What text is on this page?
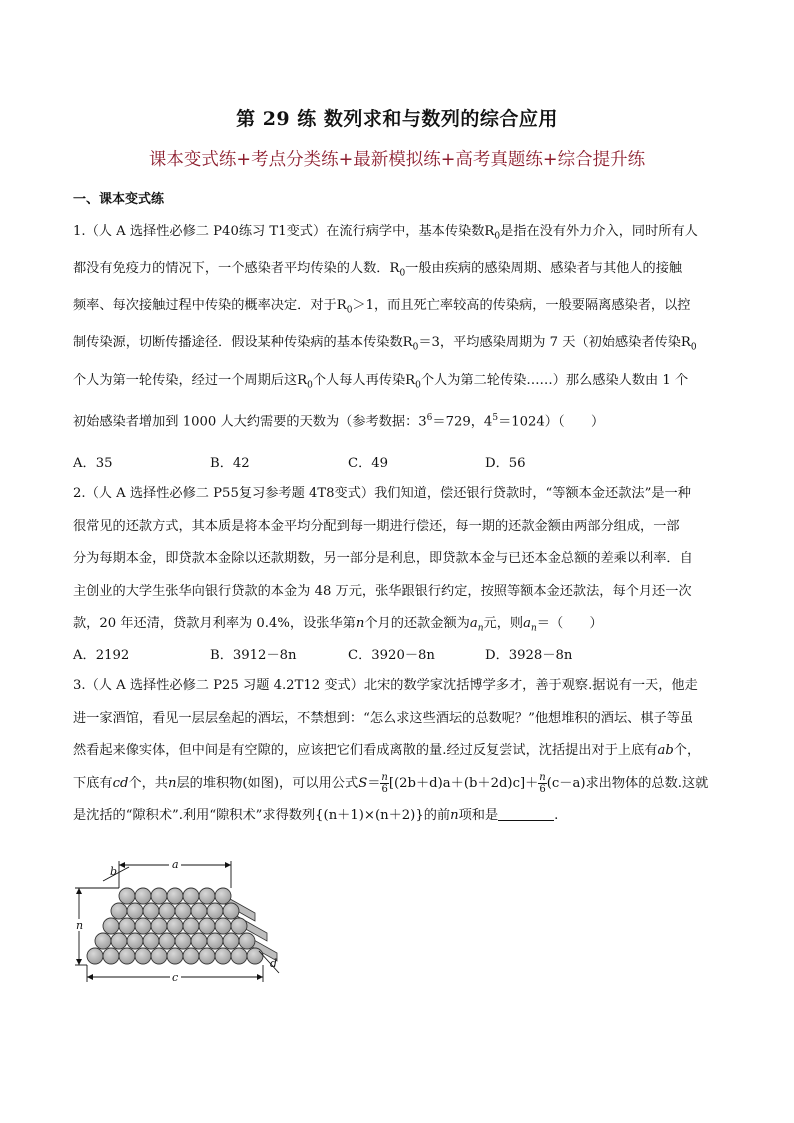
第 29 练 数列求和与数列的综合应用
课本变式练+考点分类练+最新模拟练+高考真题练+综合提升练
一、课本变式练

1.（人 A 选择性必修二 P40练习 T1变式）在流行病学中，基本传染数$R_0$是指在没有外力介入，同时所有人

都没有免疫力的情况下，一个感染者平均传染的人数．$R_0$一般由疾病的感染周期、感染者与其他人的接触

频率、每次接触过程中传染的概率决定．对于$R_0>1$，而且死亡率较高的传染病，一般要隔离感染者，以控

制传染源，切断传播途径．假设某种传染病的基本传染数$R_0=3$，平均感染周期为 7 天（初始感染者传染$R_0$

个人为第一轮传染，经过一个周期后这$R_0$个人每人再传染$R_0$个人为第二轮传染……）那么感染人数由 1 个

初始感染者增加到 1000 人大约需要的天数为（参考数据：$3^6=729$，$4^5=1024$）（　　）

A．35	B．42	C．49	D．56

2.（人 A 选择性必修二 P55复习参考题 4T8变式）我们知道，偿还银行贷款时，“等额本金还款法”是一种

很常见的还款方式，其本质是将本金平均分配到每一期进行偿还，每一期的还款金额由两部分组成，一部

分为每期本金，即贷款本金除以还款期数，另一部分是利息，即贷款本金与已还本金总额的差乘以利率．自

主创业的大学生张华向银行贷款的本金为 48 万元，张华跟银行约定，按照等额本金还款法，每个月还一次

款，20 年还清，贷款月利率为 0.4%，设张华第n个月的还款金额为$a_n$元，则$a_n=$（　　）

A．2192	B．3912－8n	C．3920－8n	D．3928－8n

3.（人 A 选择性必修二 P25 习题 4.2T12 变式）北宋的数学家沈括博学多才，善于观察.据说有一天，他走

进一家酒馆，看见一层层垒起的酒坛，不禁想到：“怎么求这些酒坛的总数呢？”他想堆积的酒坛、棋子等虽

然看起来像实体，但中间是有空隙的，应该把它们看成离散的量.经过反复尝试，沈括提出对于上底有ab个，

下底有cd个，共n层的堆积物(如图)，可以用公式$S= \frac{n}{6} [(2b+d)a+(b+2d)c]+ \frac{n}{6} (c-a)$求出物体的总数.这就

是沈括的“隙积术”.利用“隙积术”求得数列{(n＋1)×(n＋2)}的前n项和是	.

a
b
n
c
d
